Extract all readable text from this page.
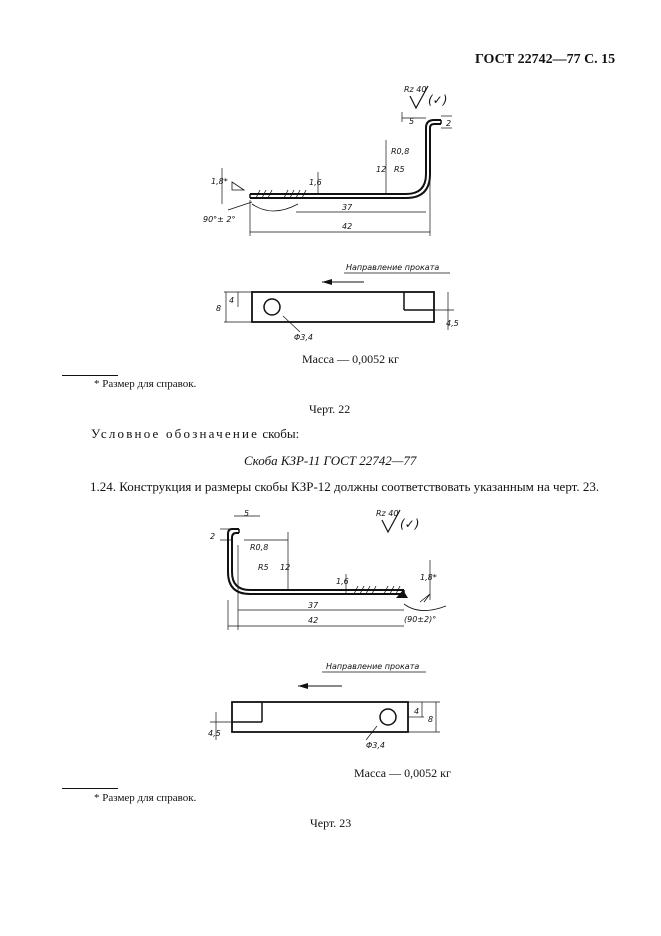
ГОСТ 22742—77 С. 15
Rz 40
(✓)
90°± 2°
5	2
R0,8
12 R5
1,6
1,8*
37
42
Направление проката
Φ3,4
8
4
4,5
Масса — 0,0052 кг
* Размер для справок.
Черт. 22
Условное обозначение скобы:
Скоба КЗР-11 ГОСТ 22742—77
1.24. Конструкция и размеры скобы КЗР-12 должны соответствовать указанным на черт. 23.
Rz 40
(✓)
5
2
R0,8
12
R5
1,6	1,8*
(90±2)°
37
42
Направление проката
Φ3,4
4,5
4
8
Масса — 0,0052 кг
* Размер для справок.
Черт. 23
